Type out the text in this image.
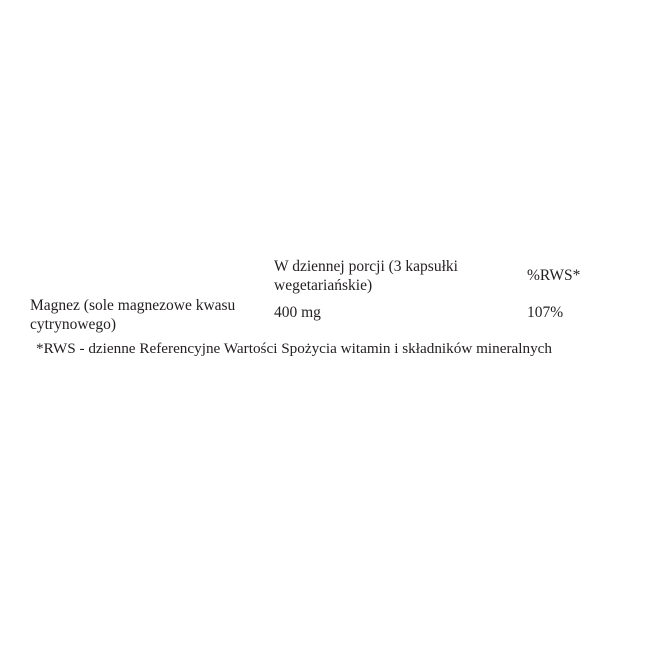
W dziennej porcji (3 kapsułki
wegetariańskie)
%RWS*
Magnez (sole magnezowe kwasu
cytrynowego)
400 mg	107%
*RWS - dzienne Referencyjne Wartości Spożycia witamin i składników mineralnych
